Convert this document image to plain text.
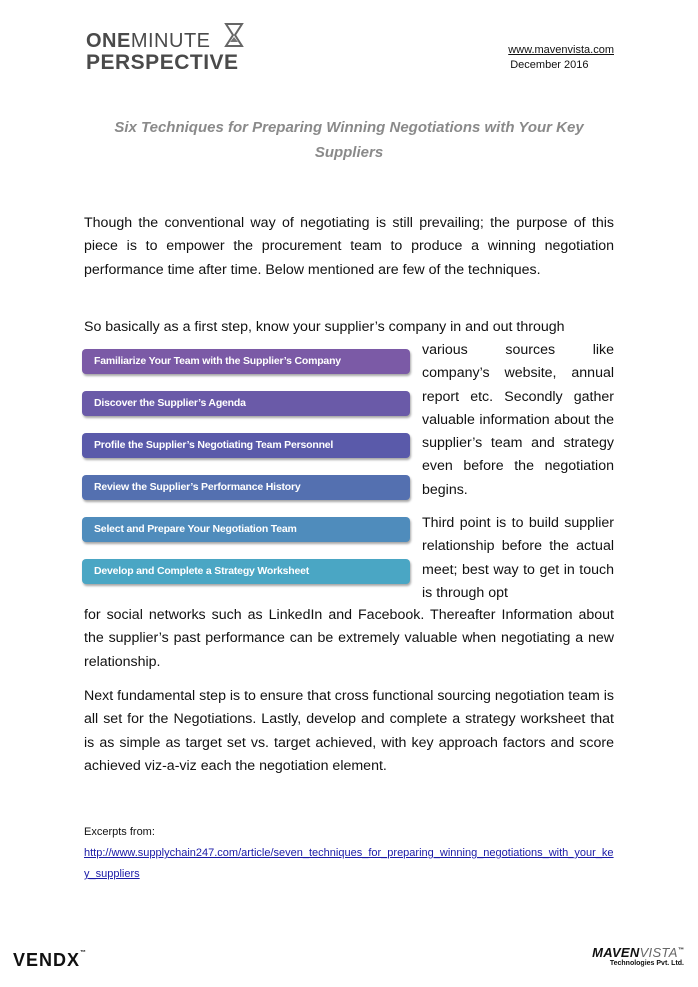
ONEMINUTE
PERSPECTIVE
www.mavenvista.com
December 2016
Six Techniques for Preparing Winning Negotiations with Your Key Suppliers
Though the conventional way of negotiating is still prevailing; the purpose of this piece is to empower the procurement team to produce a winning negotiation performance time after time. Below mentioned are few of the techniques.
So basically as a first step, know your supplier’s company in and out through
various sources like company’s website, annual report etc. Secondly gather valuable information about the supplier’s team and strategy even before the negotiation begins.
Third point is to build supplier relationship before the actual meet; best way to get in touch is through opt
for social networks such as LinkedIn and Facebook. Thereafter Information about the supplier’s past performance can be extremely valuable when negotiating a new relationship.
Next fundamental step is to ensure that cross functional sourcing negotiation team is all set for the Negotiations. Lastly, develop and complete a strategy worksheet that is as simple as target set vs. target achieved, with key approach factors and score achieved viz-a-viz each the negotiation element.
Familiarize Your Team with the Supplier’s Company
Discover the Supplier’s Agenda
Profile the Supplier’s Negotiating Team Personnel
Review the Supplier’s Performance History
Select and Prepare Your Negotiation Team
Develop and Complete a Strategy Worksheet
Excerpts from:
http://www.supplychain247.com/article/seven_techniques_for_preparing_winning_negotiations_with_your_key_suppliers
VENDX™	MAVENVISTA™
Technologies Pvt. Ltd.
